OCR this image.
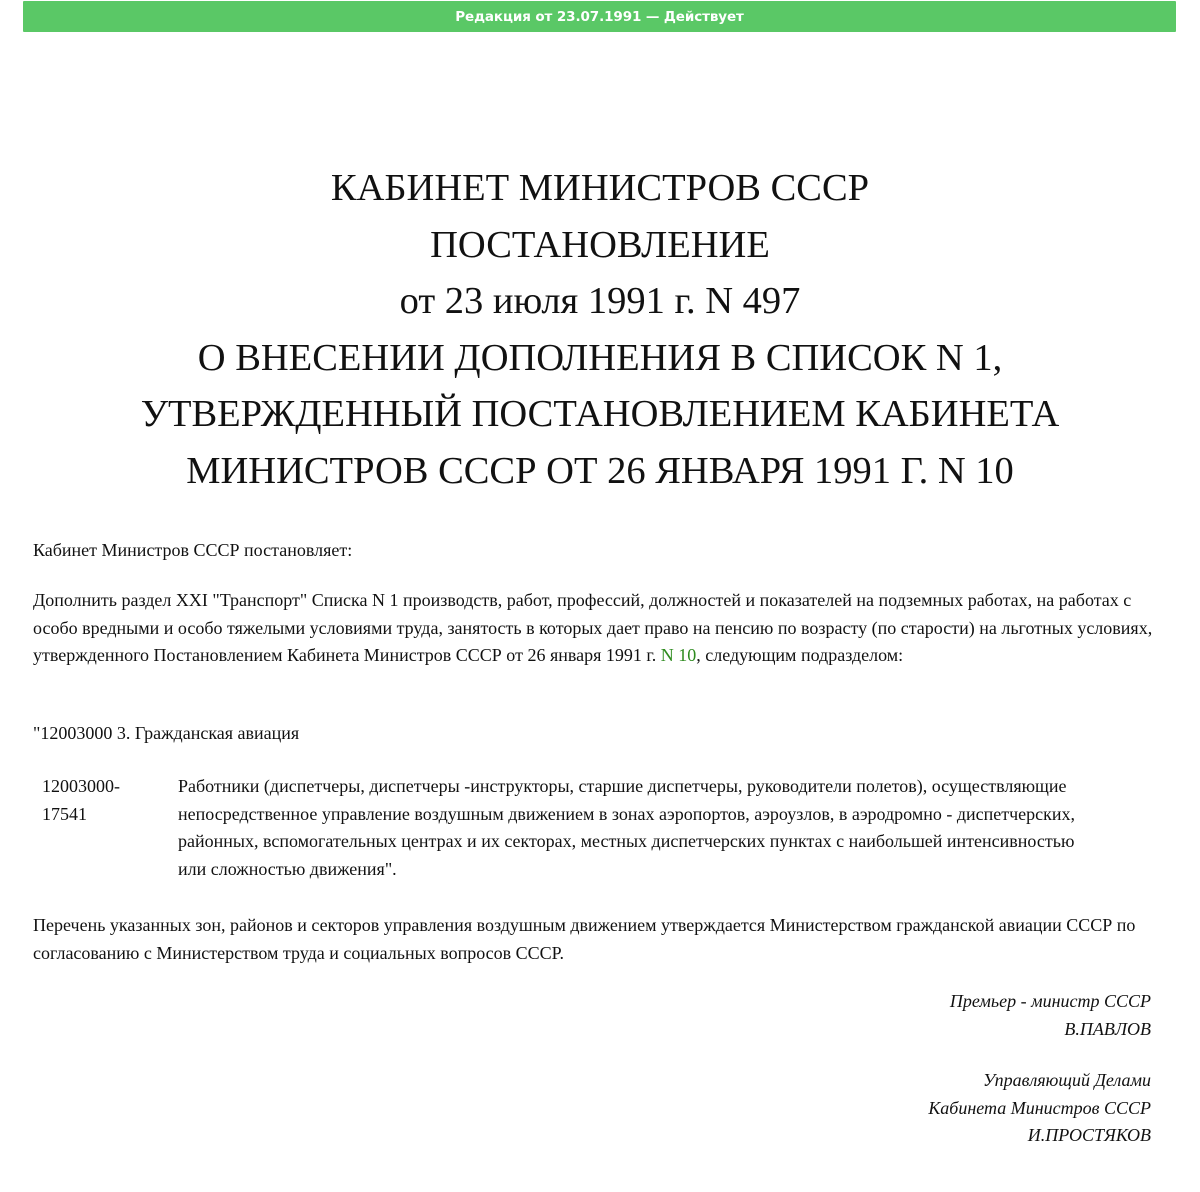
Редакция от 23.07.1991 — Действует
КАБИНЕТ МИНИСТРОВ СССР
ПОСТАНОВЛЕНИЕ
от 23 июля 1991 г. N 497
О ВНЕСЕНИИ ДОПОЛНЕНИЯ В СПИСОК N 1,
УТВЕРЖДЕННЫЙ ПОСТАНОВЛЕНИЕМ КАБИНЕТА
МИНИСТРОВ СССР ОТ 26 ЯНВАРЯ 1991 Г. N 10

Кабинет Министров СССР постановляет:

Дополнить раздел XXI "Транспорт" Списка N 1 производств, работ, профессий, должностей и показателей на подземных работах, на работах с особо вредными и особо тяжелыми условиями труда, занятость в которых дает право на пенсию по возрасту (по старости) на льготных условиях, утвержденного Постановлением Кабинета Министров СССР от 26 января 1991 г. N 10, следующим подразделом:

"12003000 3. Гражданская авиация

12003000-
17541
Работники (диспетчеры, диспетчеры -инструкторы, старшие диспетчеры, руководители полетов), осуществляющие непосредственное управление воздушным движением в зонах аэропортов, аэроузлов, в аэродромно - диспетчерских, районных, вспомогательных центрах и их секторах, местных диспетчерских пунктах с наибольшей интенсивностью или сложностью движения".

Перечень указанных зон, районов и секторов управления воздушным движением утверждается Министерством гражданской авиации СССР по согласованию с Министерством труда и социальных вопросов СССР.

Премьер - министр СССР
В.ПАВЛОВ
Управляющий Делами
Кабинета Министров СССР
И.ПРОСТЯКОВ
